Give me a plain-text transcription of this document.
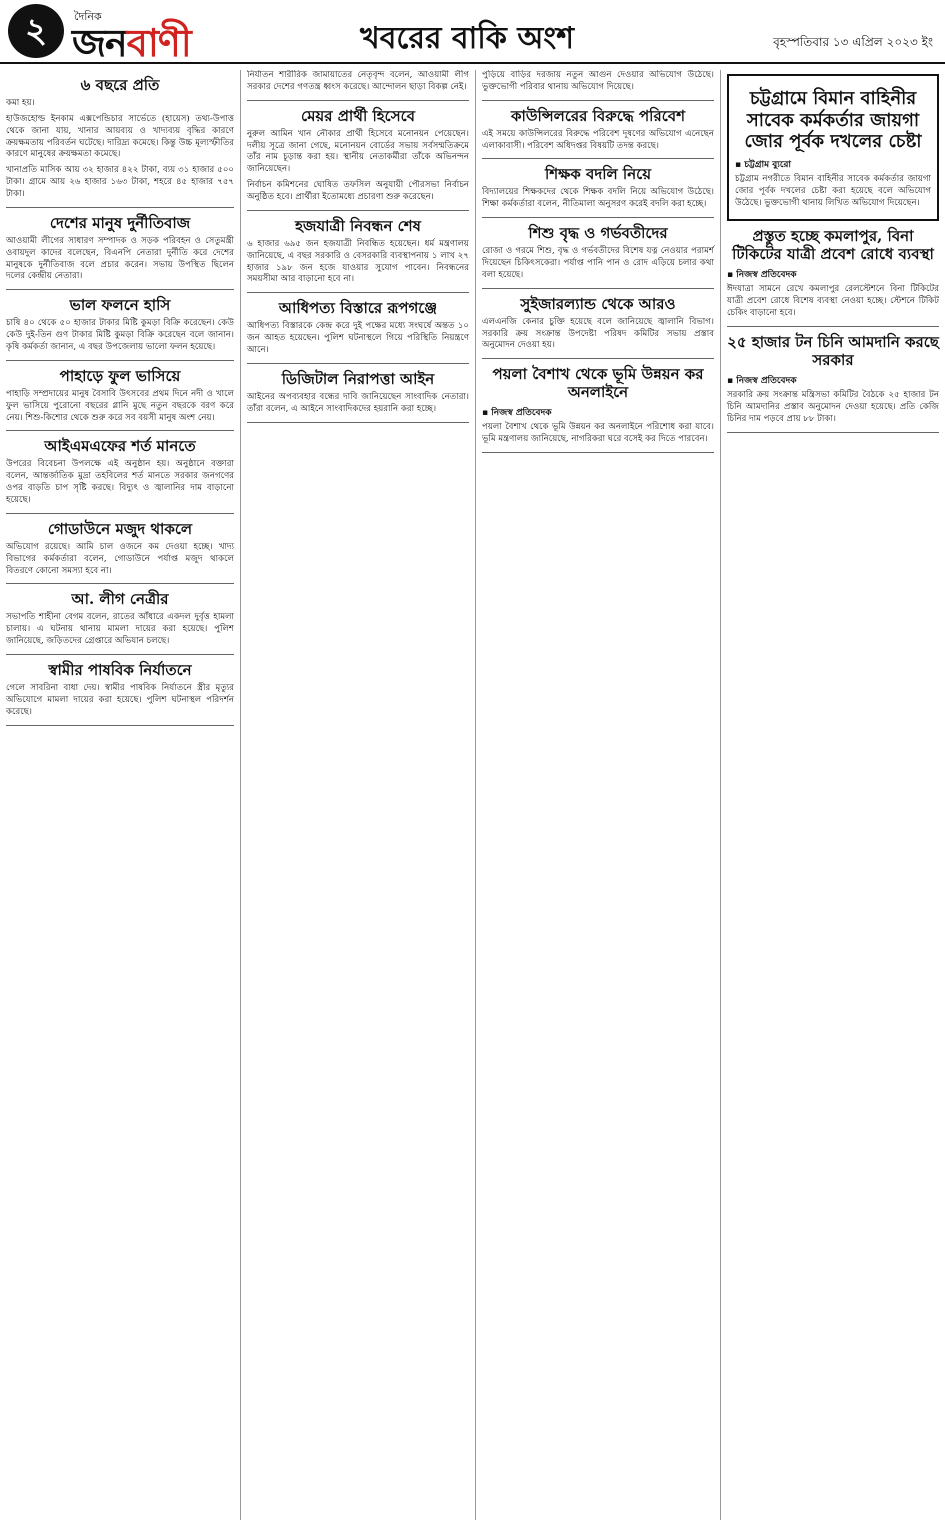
২	দৈনিক
জনবাণী	খবরের বাকি অংশ	বৃহস্পতিবার ১৩ এপ্রিল ২০২৩ ইং
৬ বছরে প্রতি

কমা হয়।

হাউজহোল্ড ইনকাম এক্সপেন্ডিচার সার্ভেতে (হায়েস) তথ্য-উপাত্ত থেকে জানা যায়, খানার আয়ব্যয় ও খাদ্যব্যয় বৃদ্ধির কারণে ক্রয়ক্ষমতায় পরিবর্তন ঘটেছে। দারিদ্র্য কমেছে। কিন্তু উচ্চ মূল্যস্ফীতির কারণে মানুষের ক্রয়ক্ষমতা কমেছে।

খানাপ্রতি মাসিক আয় ৩২ হাজার ৪২২ টাকা, ব্যয় ৩১ হাজার ৫০০ টাকা। গ্রামে আয় ২৬ হাজার ১৬৩ টাকা, শহরে ৪৫ হাজার ৭৫৭ টাকা।

দেশের মানুষ দুর্নীতিবাজ

আওয়ামী লীগের সাধারণ সম্পাদক ও সড়ক পরিবহন ও সেতুমন্ত্রী ওবায়দুল কাদের বলেছেন, বিএনপি নেতারা দুর্নীতি করে দেশের মানুষকে দুর্নীতিবাজ বলে প্রচার করেন। সভায় উপস্থিত ছিলেন দলের কেন্দ্রীয় নেতারা।

ভাল ফলনে হাসি

চাষি ৪০ থেকে ৫০ হাজার টাকার মিষ্টি কুমড়া বিক্রি করেছেন। কেউ কেউ দুই-তিন গুণ টাকার মিষ্টি কুমড়া বিক্রি করেছেন বলে জানান। কৃষি কর্মকর্তা জানান, এ বছর উপজেলায় ভালো ফলন হয়েছে।

পাহাড়ে ফুল ভাসিয়ে

পাহাড়ি সম্প্রদায়ের মানুষ বৈসাবি উৎসবের প্রথম দিনে নদী ও খালে ফুল ভাসিয়ে পুরোনো বছরের গ্লানি মুছে নতুন বছরকে বরণ করে নেয়। শিশু-কিশোর থেকে শুরু করে সব বয়সী মানুষ অংশ নেয়।

আইএমএফের শর্ত মানতে

উপরের বিবেচনা উপলক্ষে এই অনুষ্ঠান হয়। অনুষ্ঠানে বক্তারা বলেন, আন্তর্জাতিক মুদ্রা তহবিলের শর্ত মানতে সরকার জনগণের ওপর বাড়তি চাপ সৃষ্টি করছে। বিদ্যুৎ ও জ্বালানির দাম বাড়ানো হয়েছে।

গোডাউনে মজুদ থাকলে

অভিযোগ রয়েছে। আমি চাল ওজনে কম দেওয়া হচ্ছে। খাদ্য বিভাগের কর্মকর্তারা বলেন, গোডাউনে পর্যাপ্ত মজুদ থাকলে বিতরণে কোনো সমস্যা হবে না।

আ. লীগ নেত্রীর

সভাপতি শাহীনা বেগম বলেন, রাতের আঁধারে একদল দুর্বৃত্ত হামলা চালায়। এ ঘটনায় থানায় মামলা দায়ের করা হয়েছে। পুলিশ জানিয়েছে, জড়িতদের গ্রেপ্তারে অভিযান চলছে।

স্বামীর পাষবিক নির্যাতনে

গেলে সাবরিনা বাধা দেয়। স্বামীর পাষবিক নির্যাতনে স্ত্রীর মৃত্যুর অভিযোগে মামলা দায়ের করা হয়েছে। পুলিশ ঘটনাস্থল পরিদর্শন করেছে।

নির্যাতন শারীরিক জামায়াতের নেতৃবৃন্দ বলেন, আওয়ামী লীগ সরকার দেশের গণতন্ত্র ধ্বংস করেছে। আন্দোলন ছাড়া বিকল্প নেই।

মেয়র প্রার্থী হিসেবে

নুরুল আমিন খান নৌকার প্রার্থী হিসেবে মনোনয়ন পেয়েছেন। দলীয় সূত্রে জানা গেছে, মনোনয়ন বোর্ডের সভায় সর্বসম্মতিক্রমে তাঁর নাম চূড়ান্ত করা হয়। স্থানীয় নেতাকর্মীরা তাঁকে অভিনন্দন জানিয়েছেন।

নির্বাচন কমিশনের ঘোষিত তফসিল অনুযায়ী পৌরসভা নির্বাচন অনুষ্ঠিত হবে। প্রার্থীরা ইতোমধ্যে প্রচারণা শুরু করেছেন।

হজযাত্রী নিবন্ধন শেষ

৬ হাজার ৬৯৫ জন হজযাত্রী নিবন্ধিত হয়েছেন। ধর্ম মন্ত্রণালয় জানিয়েছে, এ বছর সরকারি ও বেসরকারি ব্যবস্থাপনায় ১ লাখ ২৭ হাজার ১৯৮ জন হজে যাওয়ার সুযোগ পাবেন। নিবন্ধনের সময়সীমা আর বাড়ানো হবে না।

আধিপত্য বিস্তারে রূপগঞ্জে

আধিপত্য বিস্তারকে কেন্দ্র করে দুই পক্ষের মধ্যে সংঘর্ষে অন্তত ১০ জন আহত হয়েছেন। পুলিশ ঘটনাস্থলে গিয়ে পরিস্থিতি নিয়ন্ত্রণে আনে।

ডিজিটাল নিরাপত্তা আইন

আইনের অপব্যবহার বন্ধের দাবি জানিয়েছেন সাংবাদিক নেতারা। তাঁরা বলেন, এ আইনে সাংবাদিকদের হয়রানি করা হচ্ছে।

পুড়িয়ে বাড়ির দরজায় নতুন আগুন দেওয়ার অভিযোগ উঠেছে। ভুক্তভোগী পরিবার থানায় অভিযোগ দিয়েছে।

কাউন্সিলরের বিরুদ্ধে পরিবেশ

এই সময়ে কাউন্সিলরের বিরুদ্ধে পরিবেশ দূষণের অভিযোগ এনেছেন এলাকাবাসী। পরিবেশ অধিদপ্তর বিষয়টি তদন্ত করছে।

শিক্ষক বদলি নিয়ে

বিদ্যালয়ের শিক্ষকদের থেকে শিক্ষক বদলি নিয়ে অভিযোগ উঠেছে। শিক্ষা কর্মকর্তারা বলেন, নীতিমালা অনুসরণ করেই বদলি করা হচ্ছে।

শিশু বৃদ্ধ ও গর্ভবতীদের

রোজা ও গরমে শিশু, বৃদ্ধ ও গর্ভবতীদের বিশেষ যত্ন নেওয়ার পরামর্শ দিয়েছেন চিকিৎসকেরা। পর্যাপ্ত পানি পান ও রোদ এড়িয়ে চলার কথা বলা হয়েছে।

সুইজারল্যান্ড থেকে আরও

এলএনজি কেনার চুক্তি হয়েছে বলে জানিয়েছে জ্বালানি বিভাগ। সরকারি ক্রয় সংক্রান্ত উপদেষ্টা পরিষদ কমিটির সভায় প্রস্তাব অনুমোদন দেওয়া হয়।

পয়লা বৈশাখ থেকে ভূমি উন্নয়ন কর অনলাইনে
▪ নিজস্ব প্রতিবেদক

পয়লা বৈশাখ থেকে ভূমি উন্নয়ন কর অনলাইনে পরিশোধ করা যাবে। ভূমি মন্ত্রণালয় জানিয়েছে, নাগরিকরা ঘরে বসেই কর দিতে পারবেন।

চট্টগ্রামে বিমান বাহিনীর সাবেক কর্মকর্তার জায়গা জোর পূর্বক দখলের চেষ্টা
▪ চট্টগ্রাম ব্যুরো

চট্টগ্রাম নগরীতে বিমান বাহিনীর সাবেক কর্মকর্তার জায়গা জোর পূর্বক দখলের চেষ্টা করা হয়েছে বলে অভিযোগ উঠেছে। ভুক্তভোগী থানায় লিখিত অভিযোগ দিয়েছেন।

প্রস্তুত হচ্ছে কমলাপুর, বিনা টিকিটের যাত্রী প্রবেশ রোধে ব্যবস্থা
▪ নিজস্ব প্রতিবেদক

ঈদযাত্রা সামনে রেখে কমলাপুর রেলস্টেশনে বিনা টিকিটের যাত্রী প্রবেশ রোধে বিশেষ ব্যবস্থা নেওয়া হচ্ছে। স্টেশনে টিকিট চেকিং বাড়ানো হবে।

২৫ হাজার টন চিনি আমদানি করছে সরকার
▪ নিজস্ব প্রতিবেদক

সরকারি ক্রয় সংক্রান্ত মন্ত্রিসভা কমিটির বৈঠকে ২৫ হাজার টন চিনি আমদানির প্রস্তাব অনুমোদন দেওয়া হয়েছে। প্রতি কেজি চিনির দাম পড়বে প্রায় ৮৮ টাকা।
